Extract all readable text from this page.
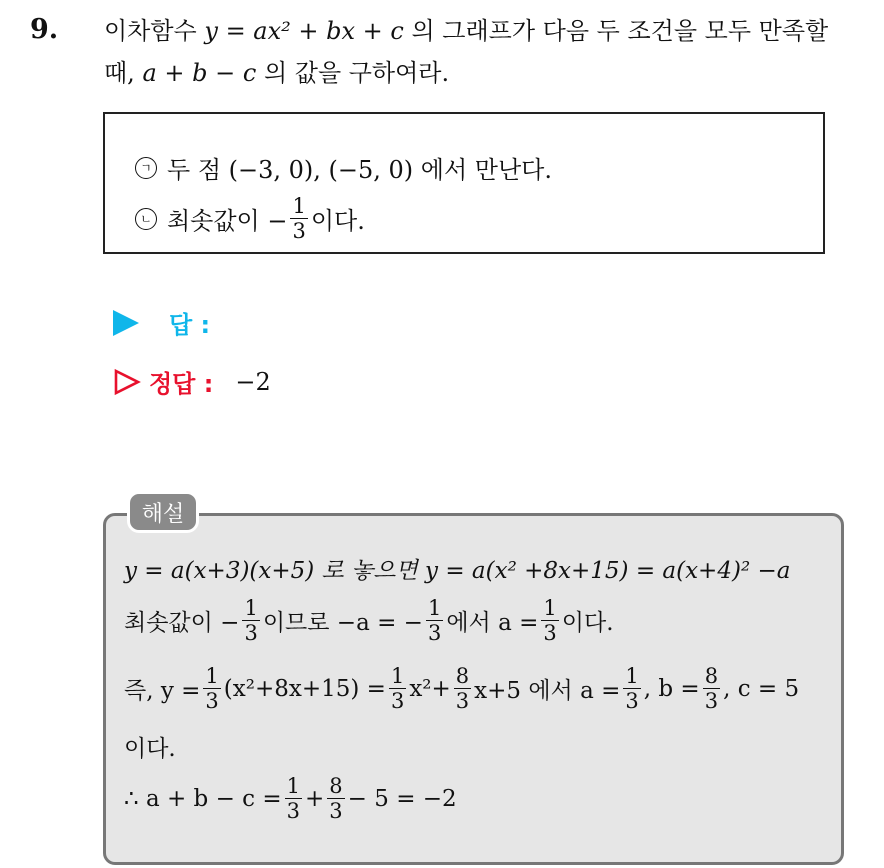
9. 이차함수 y = ax² + bx + c 의 그래프가 다음 두 조건을 모두 만족할
때, a + b − c 의 값을 구하여라.
ㄱ 두 점 (−3, 0), (−5, 0) 에서 만난다.
ㄴ 최솟값이 − $\frac{1}{3}$ 이다.
답 :
정답 : −2
해설
y = a(x+3)(x+5) 로 놓으면 y = a(x² +8x+15) = a(x+4)² −a
최솟값이 − $\frac{1}{3}$ 이므로 −a = − $\frac{1}{3}$ 에서 $a = \frac{1}{3}$ 이다.
즉, $y = \frac{1}{3} (x^2+8x+15) = \frac{1}{3} x^2+ \frac{8}{3} x+5$ 에서 $a = \frac{1}{3}$ , $b = \frac{8}{3}$ , c = 5
이다.
∴ $a + b - c = \frac{1}{3} + \frac{8}{3} - 5 = -2$
